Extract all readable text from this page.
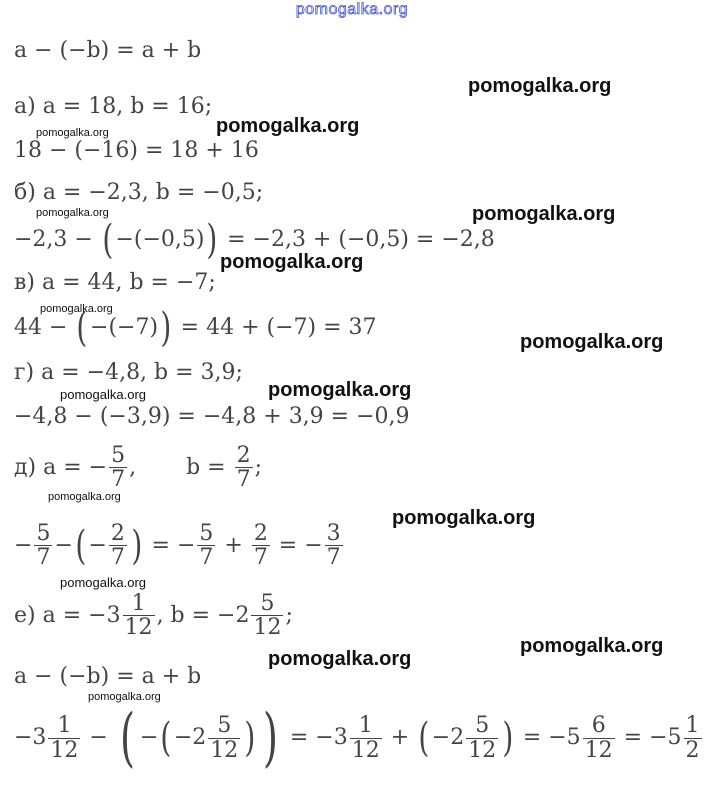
pomogalka.org
pomogalka.org
pomogalka.org
pomogalka.org
pomogalka.org
pomogalka.org
pomogalka.org
pomogalka.org
pomogalka.org
pomogalka.org
pomogalka.org
pomogalka.org
pomogalka.org
pomogalka.org
pomogalka.org
pomogalka.org
pomogalka.org
a − (−b) = a + b
а) a = 18, b = 16;
18 − (−16) = 18 + 16
б) a = −2,3, b = −0,5;
−2,3 − ( −(−0,5) ) = −2,3 + (−0,5) = −2,8
в) a = 44, b = −7;
44 − ( −(−7) ) = 44 + (−7) = 37
г) a = −4,8, b = 3,9;
−4,8 − (−3,9) = −4,8 + 3,9 = −0,9
д) a = − $\frac{5}{7}$ , $b = \frac{2}{7}$ ;
− $\frac{5}{7}$ − ( − $\frac{2}{7}$ ) = − $\frac{5}{7} + \frac{2}{7}$ = − $\frac{3}{7}$
е) $a = -3 \frac{1}{12}$ , $b = -2 \frac{5}{12}$ ;
a − (−b) = a + b
$-3 \frac{1}{12}$ − ( − ( $-2 \frac{5}{12}$ ) ) = $-3 \frac{1}{12}$ + ( $-2 \frac{5}{12}$ ) = $-5 \frac{6}{12} = -5 \frac{1}{2}$
